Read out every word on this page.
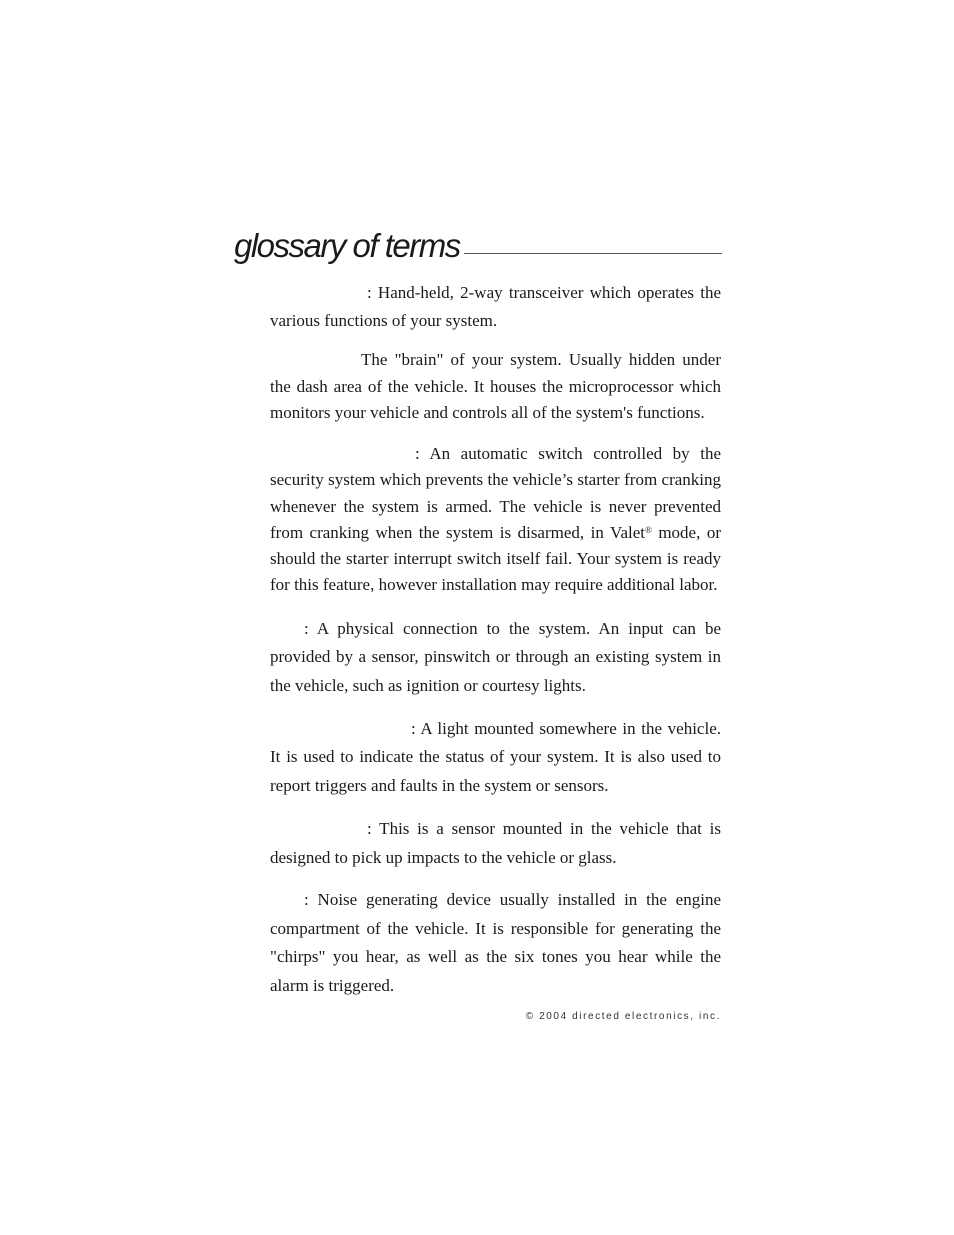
glossary of terms

: Hand-held, 2-way transceiver which operates the various functions of your system.

The "brain" of your system. Usually hidden under the dash area of the vehicle. It houses the microprocessor which monitors your vehicle and controls all of the system's functions.

: An automatic switch controlled by the security system which prevents the vehicle’s starter from cranking whenever the system is armed. The vehicle is never prevented from cranking when the system is disarmed, in Valet® mode, or should the starter interrupt switch itself fail. Your system is ready for this feature, however installation may require additional labor.

: A physical connection to the system. An input can be provided by a sensor, pinswitch or through an existing system in the vehicle, such as ignition or courtesy lights.

: A light mounted somewhere in the vehicle. It is used to indicate the status of your system. It is also used to report triggers and faults in the system or sensors.

: This is a sensor mounted in the vehicle that is designed to pick up impacts to the vehicle or glass.

: Noise generating device usually installed in the engine compartment of the vehicle. It is responsible for generating the "chirps" you hear, as well as the six tones you hear while the alarm is triggered.

© 2004 directed electronics, inc.
